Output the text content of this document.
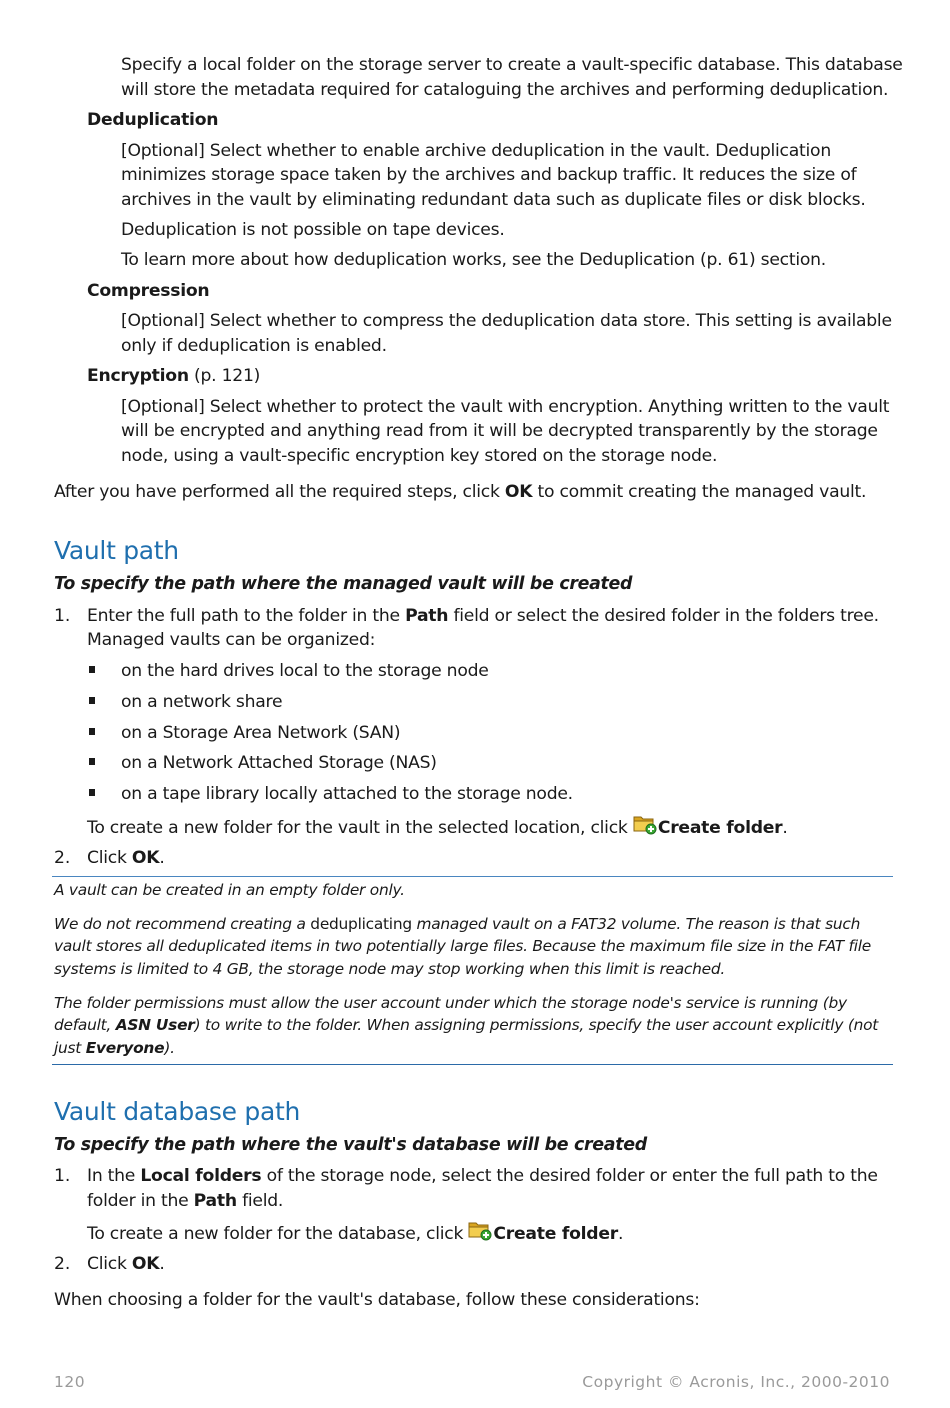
Specify a local folder on the storage server to create a vault-specific database. This database
will store the metadata required for cataloguing the archives and performing deduplication.
Deduplication
[Optional] Select whether to enable archive deduplication in the vault. Deduplication
minimizes storage space taken by the archives and backup traffic. It reduces the size of
archives in the vault by eliminating redundant data such as duplicate files or disk blocks.
Deduplication is not possible on tape devices.
To learn more about how deduplication works, see the Deduplication (p. 61) section.
Compression
[Optional] Select whether to compress the deduplication data store. This setting is available
only if deduplication is enabled.
Encryption (p. 121)
[Optional] Select whether to protect the vault with encryption. Anything written to the vault
will be encrypted and anything read from it will be decrypted transparently by the storage
node, using a vault-specific encryption key stored on the storage node.
After you have performed all the required steps, click OK to commit creating the managed vault.
Vault path
To specify the path where the managed vault will be created
1. Enter the full path to the folder in the Path field or select the desired folder in the folders tree.
Managed vaults can be organized:
on the hard drives local to the storage node
on a network share
on a Storage Area Network (SAN)
on a Network Attached Storage (NAS)
on a tape library locally attached to the storage node.
To create a new folder for the vault in the selected location, click
Create folder.
2. Click OK.
A vault can be created in an empty folder only.
We do not recommend creating a deduplicating managed vault on a FAT32 volume. The reason is that such
vault stores all deduplicated items in two potentially large files. Because the maximum file size in the FAT file
systems is limited to 4 GB, the storage node may stop working when this limit is reached.
The folder permissions must allow the user account under which the storage node's service is running (by
default, ASN User) to write to the folder. When assigning permissions, specify the user account explicitly (not
just Everyone).
Vault database path
To specify the path where the vault's database will be created
1. In the Local folders of the storage node, select the desired folder or enter the full path to the
folder in the Path field.
To create a new folder for the database, click
Create folder.
2. Click OK.
When choosing a folder for the vault's database, follow these considerations:
120	Copyright © Acronis, Inc., 2000-2010
